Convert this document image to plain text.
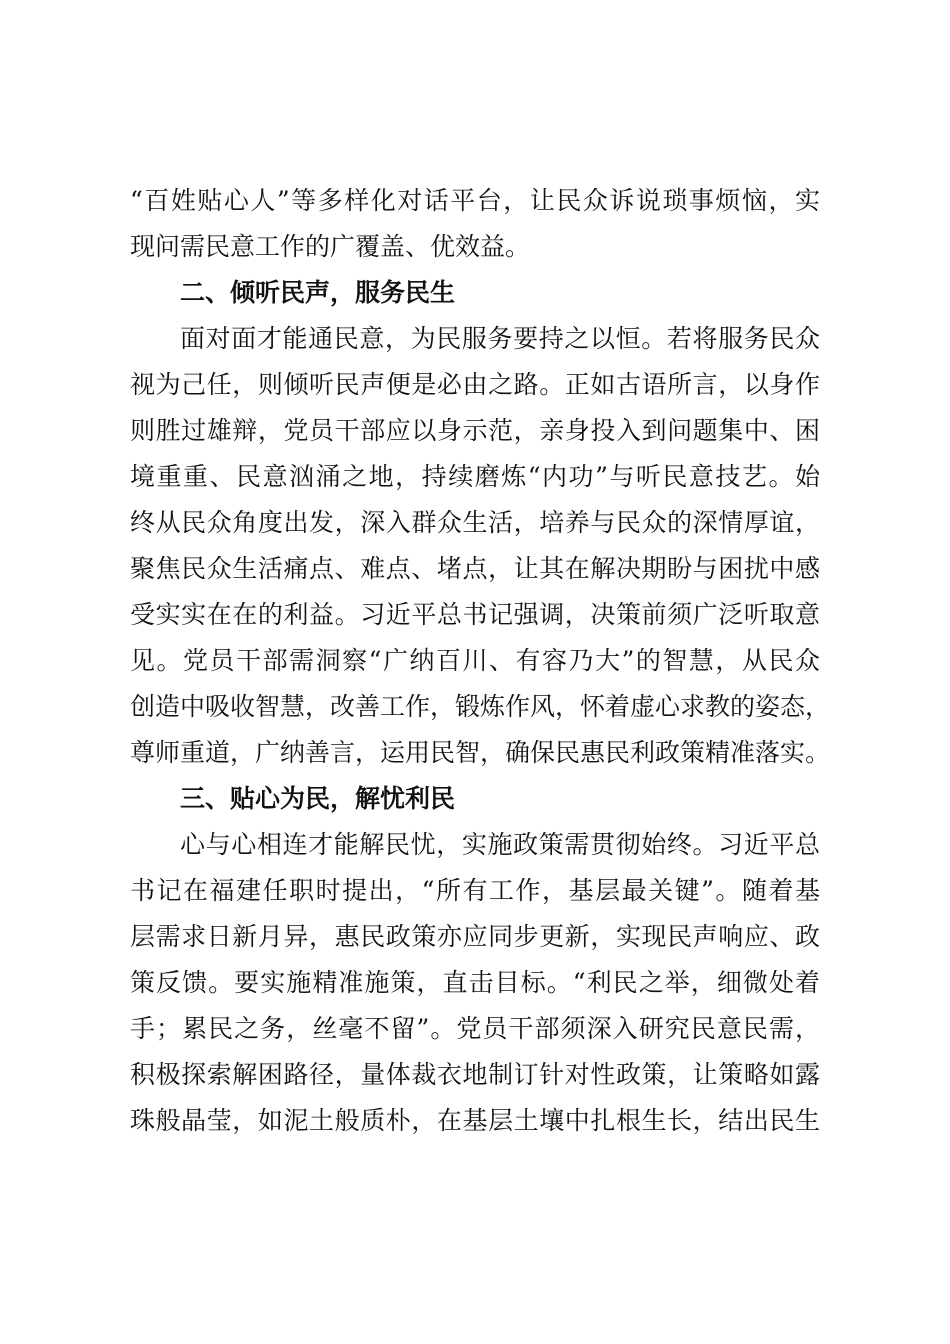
“百姓贴心人”等多样化对话平台，让民众诉说琐事烦恼，实
现问需民意工作的广覆盖、优效益。
二、倾听民声，服务民生
面对面才能通民意，为民服务要持之以恒。若将服务民众
视为己任，则倾听民声便是必由之路。正如古语所言，以身作
则胜过雄辩，党员干部应以身示范，亲身投入到问题集中、困
境重重、民意汹涌之地，持续磨炼“内功”与听民意技艺。始
终从民众角度出发，深入群众生活，培养与民众的深情厚谊，
聚焦民众生活痛点、难点、堵点，让其在解决期盼与困扰中感
受实实在在的利益。习近平总书记强调，决策前须广泛听取意
见。党员干部需洞察“广纳百川、有容乃大”的智慧，从民众
创造中吸收智慧，改善工作，锻炼作风，怀着虚心求教的姿态，
尊师重道，广纳善言，运用民智，确保民惠民利政策精准落实。
三、贴心为民，解忧利民
心与心相连才能解民忧，实施政策需贯彻始终。习近平总
书记在福建任职时提出，“所有工作，基层最关键”。随着基
层需求日新月异，惠民政策亦应同步更新，实现民声响应、政
策反馈。要实施精准施策，直击目标。“利民之举，细微处着
手；累民之务，丝毫不留”。党员干部须深入研究民意民需，
积极探索解困路径，量体裁衣地制订针对性政策，让策略如露
珠般晶莹，如泥土般质朴，在基层土壤中扎根生长，结出民生
